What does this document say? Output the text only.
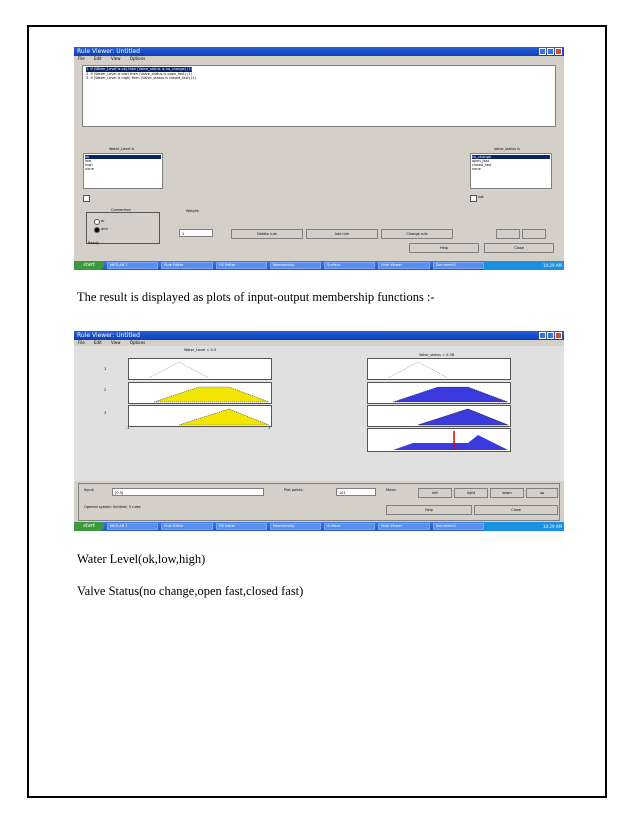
Rule Viewer: Untitled
File Edit View Options
1. If (Water_Level is ok) then (Valve_status is no_change) (1)
2. If (Water_Level is low) then (Valve_status is open_fast) (1)
3. If (Water_Level is high) then (Valve_status is closed_fast) (1)
Water_Level is
ok
low
high
none
Valve_status is
no_change
open_fast
closed_fast
none
not
Connection
or
and
Weight:
1	Delete rule	Add rule	Change rule
Ready
Help	Close
start	MATLAB 7	Rule Editor	FIS Editor	Membership	Surface	Rule Viewer	Document1	10:29 AM
The result is displayed as plots of input-output membership functions :-
Rule Viewer: Untitled
File Edit View Options
Water_Level = 0.5
Valve_status = 0.38
1
2
3
-1	1
Input:
[0.5]
Plot points:
101
Move:
left	right	down	up
Opened system Untitled, 3 rules
Help	Close
start	MATLAB 7	Rule Editor	FIS Editor	Membership	Surface	Rule Viewer	Document1	10:29 AM
Water Level(ok,low,high)
Valve Status(no change,open fast,closed fast)
